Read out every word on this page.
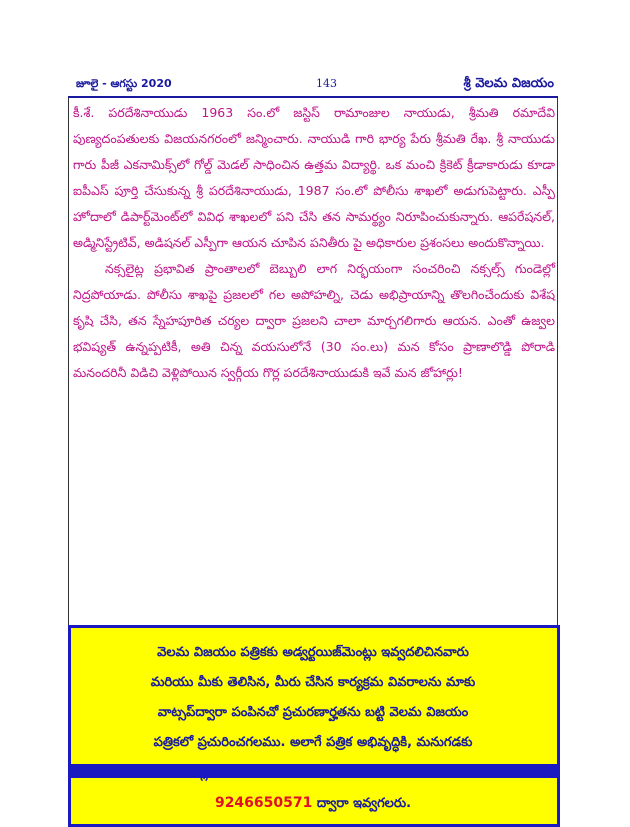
జూలై - ఆగస్టు 2020	143	శ్రీ వెలమ విజయం

కీ.శే. పరదేశినాయుడు 1963 సం.లో జస్టిస్ రామాంజుల నాయుడు, శ్రీమతి రమాదేవి పుణ్యదంపతులకు విజయనగరంలో జన్మించారు. నాయుడి గారి భార్య పేరు శ్రీమతి రేఖ. శ్రీ నాయుడు గారు పీజీ ఎకనామిక్స్‌లో గోల్డ్ మెడల్ సాధించిన ఉత్తమ విద్యార్థి. ఒక మంచి క్రికెట్ క్రీడాకారుడు కూడా ఐపీఎస్ పూర్తి చేసుకున్న శ్రీ పరదేశినాయుడు, 1987 సం.లో పోలీసు శాఖలో అడుగుపెట్టారు. ఎస్పీ హోదాలో డిపార్ట్‌మెంట్‌లో వివిధ శాఖలలో పని చేసి తన సామర్థ్యం నిరూపించుకున్నారు. ఆపరేషనల్, అడ్మినిస్ట్రేటివ్, అడిషనల్ ఎస్పీగా ఆయన చూపిన పనితీరు పై అధికారుల ప్రశంసలు అందుకొన్నాయి.

నక్సలైట్ల ప్రభావిత ప్రాంతాలలో బెబ్బులి లాగ నిర్భయంగా సంచరించి నక్సల్స్ గుండెల్లో నిద్రపోయాడు. పోలీసు శాఖపై ప్రజలలో గల అపోహల్ని, చెడు అభిప్రాయాన్ని తొలగించేందుకు విశేష కృషి చేసి, తన స్నేహపూరిత చర్యల ద్వారా ప్రజలని చాలా మార్చగలిగారు ఆయన. ఎంతో ఉజ్వల భవిష్యత్ ఉన్నప్పటికీ, అతి చిన్న వయసులోనే (30 సం.లు) మన కోసం ప్రాణాలొడ్డి పోరాడి మనందరినీ విడిచి వెళ్లిపోయిన స్వర్గీయ గొర్ల పరదేశినాయుడుకి ఇవే మన జోహార్లు!

వెలమ విజయం పత్రికకు అడ్వర్టయిజ్‌మెంట్లు ఇవ్వదలిచినవారు

మరియు మీకు తెలిసిన, మీరు చేసిన కార్యక్రమ వివరాలను మాకు

వాట్సప్‌ద్వారా పంపినచో ప్రచురణార్హతను బట్టి వెలమ విజయం

పత్రికలో ప్రచురించగలము. అలాగే పత్రిక అభివృద్ధికి, మనుగడకు

9246650571 ద్వారా ఇవ్వగలరు.
